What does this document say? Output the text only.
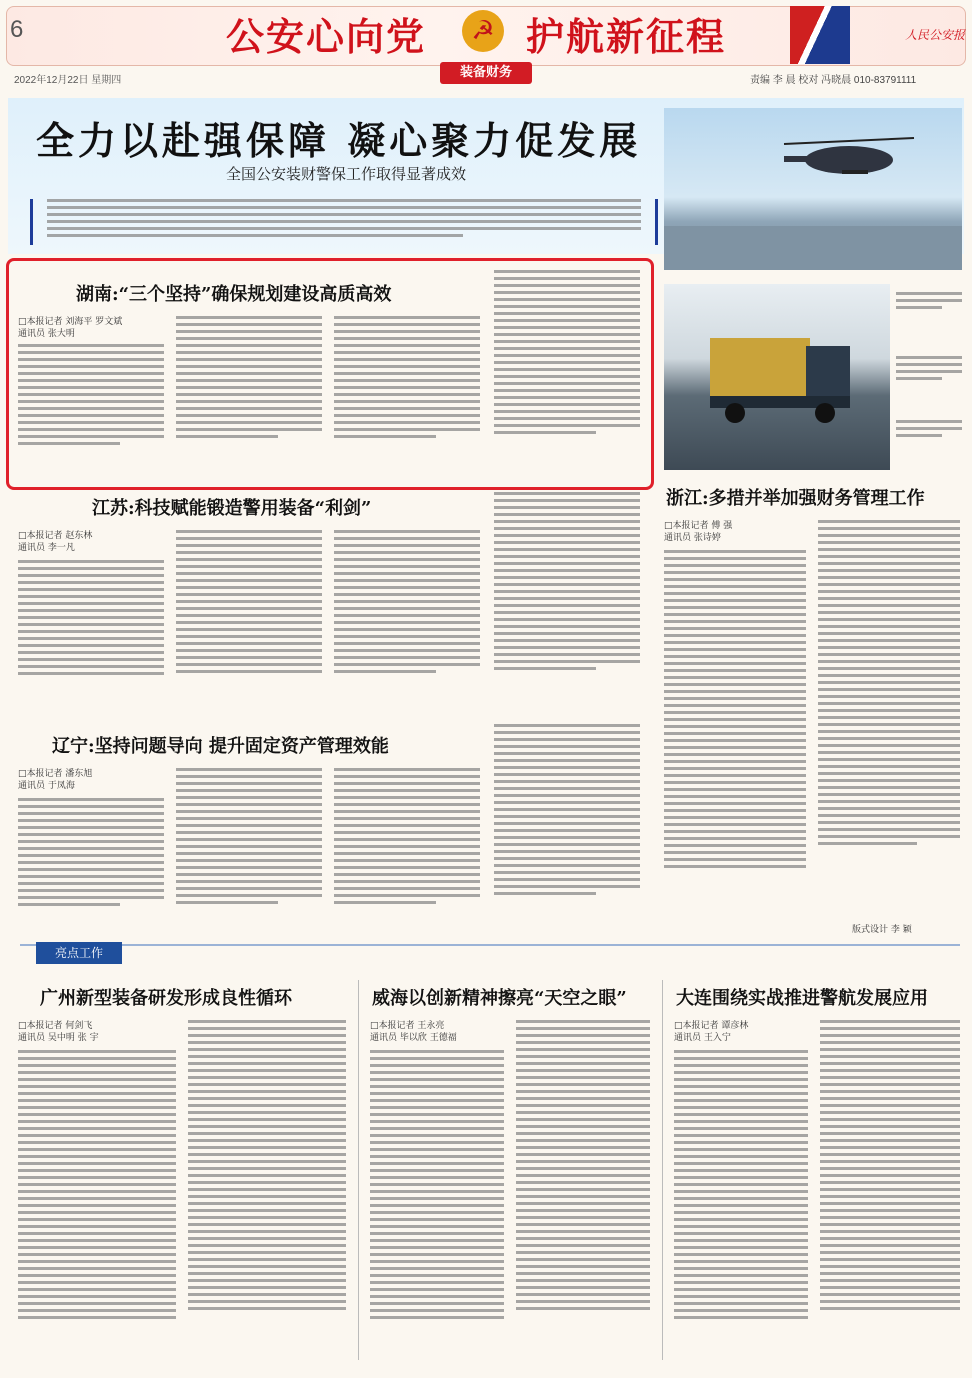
6	公安心向党	☭ 护航新征程	人民公安报
2022年12月22日 星期四
装备财务
责编 李 晨 校对 冯晓晨 010-83791111
全力以赴强保障 凝心聚力促发展
全国公安装财警保工作取得显著成效
湖南:“三个坚持”确保规划建设高质高效
□本报记者 刘海平 罗文斌
通讯员 张大明
江苏:科技赋能锻造警用装备“利剑”
□本报记者 赵东林
通讯员 李一凡
辽宁:坚持问题导向 提升固定资产管理效能
□本报记者 潘东旭
通讯员 于凤海
浙江:多措并举加强财务管理工作
□本报记者 傅 强
通讯员 张诗婷
版式设计 李 颖
亮点工作
广州新型装备研发形成良性循环
□本报记者 何剑飞
通讯员 吴中明 张 宇
威海以创新精神擦亮“天空之眼”
□本报记者 王永亮
通讯员 毕以欣 王德福
大连围绕实战推进警航发展应用
□本报记者 谭彦林
通讯员 王入宁
